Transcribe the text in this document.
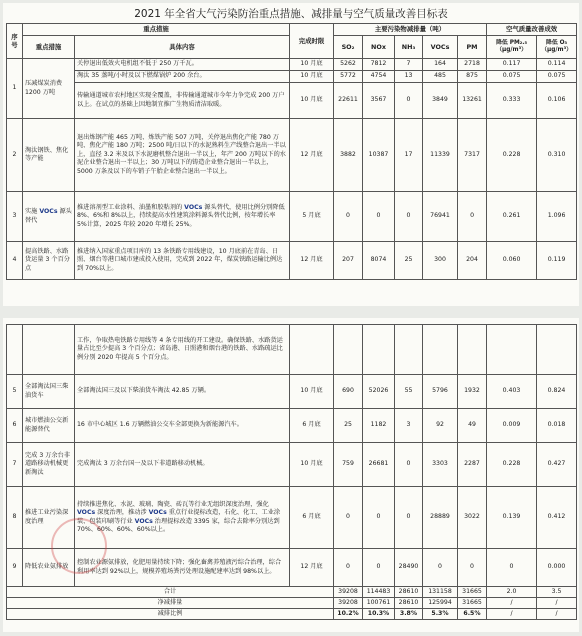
2021 年全省大气污染防治重点措施、减排量与空气质量改善目标表
序号	重点措施		完成时限	主要污染物减排量（吨）					空气质量改善成效	
	重点措施	具体内容		SO₂	NOx	NH₃	VOCs	PM	降低 PM₂.₅ （μg/m³）	降低 O₃ （μg/m³）
1	压减煤炭消费 1200 万吨	关停退出低效火电机组不低于 250 万千瓦。	10 月底	5262	7812	7	164	2718	0.117	0.114
		淘汰 35 蒸吨/小时及以下燃煤锅炉 200 余台。	10 月底	5772	4754	13	485	875	0.075	0.075
		传输通道城市农村地区实现全覆盖，非传输通道城市今年力争完成 200 万户以上。在试点的基础上因地制宜推广生物质清洁取暖。	10 月底	22611	3567	0	3849	13261	0.333	0.106
2	淘汰钢铁、焦化等产能	退出炼钢产能 465 万吨、炼铁产能 507 万吨，关停退出焦化产能 780 万吨、焦化产能 180 万吨；2500 吨/日以下的水泥熟料生产线整合退出一半以上，直径 3.2 米及以下水泥磨机整合退出一半以上，年产 200 万吨以下的水泥企业整合退出一半以上；30 万吨以下的铸造企业整合退出一半以上，5000 万条及以下的车销子午胎企业整合退出一半以上。	12 月底	3882	10387	17	11339	7317	0.228	0.310
3	实施 VOCs 源头替代	推进溶剂型工业涂料、油墨和胶粘剂的 VOCs 源头替代，使用比例分别降低 8%、6%和 8%以上，持续提高水性建筑涂料源头替代比例，按年增长率 5%计算，2025 年较 2020 年增长 25%。	5 月底	0	0	0	76941	0	0.261	1.096
4	提高铁路、水路货运量 3 个百分点	推进纳入国家重点项目库的 13 条铁路专用线建设，10 月底前在青岛、日照、烟台等港口城市建成投入使用，完成到 2022 年，煤炭铁路运输比例达到 70%以上。	12 月底	207	8074	25	300	204	0.060	0.119
		工作，争取热电铁路专用线等 4 条专用线的开工建设。确保铁路、水路货运量占比至少提高 3 个百分点；省岛港、日照港和烟台港的铁路、水路疏运比例分别 2020 年提高 5 个百分点。								
5	全部淘汰国三柴油货车	全部淘汰国三及以下柴油货车淘汰 42.85 万辆。	10 月底	690	52026	55	5796	1932	0.403	0.824
6	城市燃油公交新能源替代	16 市中心城区 1.6 万辆燃油公交车全部更换为新能源汽车。	6 月底	25	1182	3	92	49	0.009	0.018
7	完成 3 万余台非道路移动机械更新淘汰	完成淘汰 3 万余台国一及以下非道路移动机械。	10 月底	759	26681	0	3303	2287	0.228	0.427
8	推进工业污染深度治理	持续推进焦化、水泥、玻璃、陶瓷、砖瓦等行业无组织深度治理，强化 VOCs 深度治理，推动涉 VOCs 重点行业提标改造，石化、化工、工业涂装、包装印刷等行业 VOCs 治理提标改造 3395 家，综合去除率分别达到 70%、60%、60%、60%以上。	6 月底	0	0	0	28889	3022	0.139	0.412
9	降低农业氨排放	控制农业源氨排放，化肥用量持续下降；强化畜禽养殖液污综合治理，综合利用率达到 92%以上，规模养殖场粪污处理设施配建率达到 98%以上。	12 月底	0	0	28490	0	0	0	0.000
合计				39208	114483	28610	131158	31665	2.0	3.5
净减排量				39208	100761	28610	125994	31665	/	/
减排比例				10.2%	10.3%	3.8%	5.3%	6.5%	/	/
